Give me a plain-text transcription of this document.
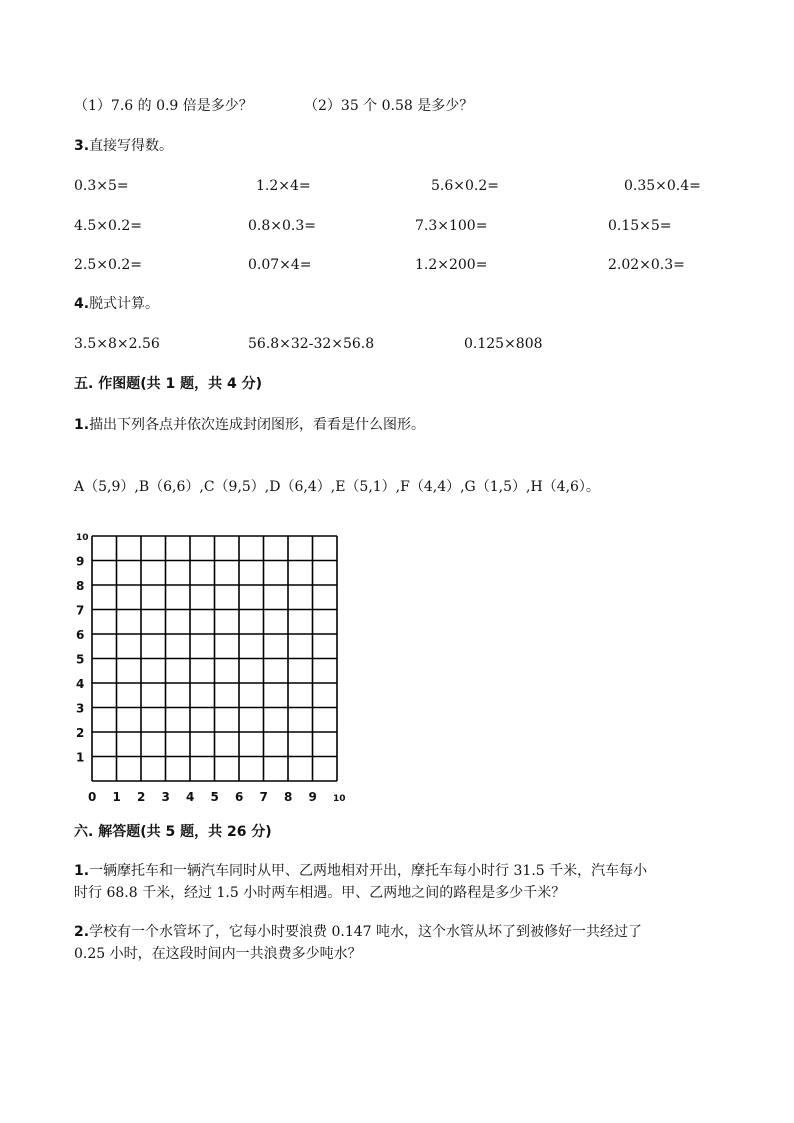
（1）7.6 的 0.9 倍是多少？	（2）35 个 0.58 是多少？
3.直接写得数。
0.3×5=	1.2×4=	5.6×0.2=	0.35×0.4=
4.5×0.2=	0.8×0.3=	7.3×100=	0.15×5=
2.5×0.2=	0.07×4=	1.2×200=	2.02×0.3=
4.脱式计算。
3.5×8×2.56	56.8×32-32×56.8	0.125×808
五. 作图题(共 1 题，共 4 分)
1.描出下列各点并依次连成封闭图形，看看是什么图形。
A（5,9）,B（6,6）,C（9,5）,D（6,4）,E（5,1）,F（4,4）,G（1,5）,H（4,6）。
0 1 2 3 4 5 6 7 8 9 10
1
2
3
4
5
6
7
8
9
10
六. 解答题(共 5 题，共 26 分)
1.一辆摩托车和一辆汽车同时从甲、乙两地相对开出，摩托车每小时行 31.5 千米，汽车每小
时行 68.8 千米，经过 1.5 小时两车相遇。甲、乙两地之间的路程是多少千米？
2.学校有一个水管坏了，它每小时要浪费 0.147 吨水，这个水管从坏了到被修好一共经过了
0.25 小时，在这段时间内一共浪费多少吨水？
